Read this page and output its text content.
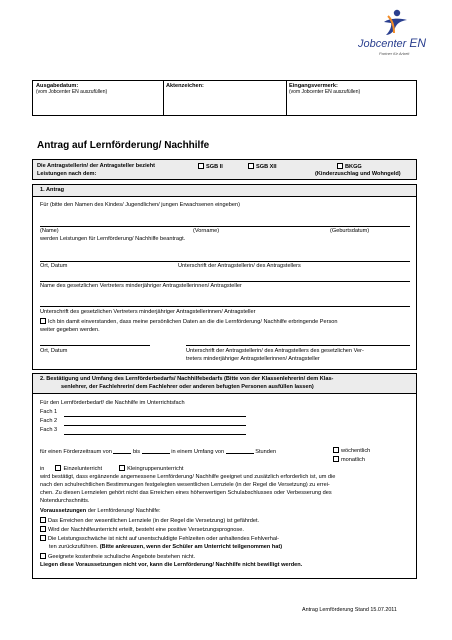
Jobcenter EN
Partner für Arbeit
Ausgabedatum:
(vom Jobcenter EN auszufüllen)
Aktenzeichen:	Eingangsvermerk:
(vom Jobcenter EN auszufüllen)
Antrag auf Lernförderung/ Nachhilfe
Die Antragstellerin/ der Antragsteller bezieht
Leistungen nach dem:
SGB II	SGB XII	BKGG
(Kinderzuschlag und Wohngeld)
1. Antrag
Für (bitte den Namen des Kindes/ Jugendlichen/ jungen Erwachsenen eingeben)
(Name)	(Vorname)	(Geburtsdatum)
werden Leistungen für Lernförderung/ Nachhilfe beantragt.
Ort, Datum	Unterschrift der Antragstellerin/ des Antragstellers
Name des gesetzlichen Vertreters minderjähriger Antragstellerinnen/ Antragsteller
Unterschrift des gesetzlichen Vertreters minderjähriger Antragstellerinnen/ Antragsteller
Ich bin damit einverstanden, dass meine persönlichen Daten an die die Lernförderung/ Nachhilfe erbringende Person
weiter gegeben werden.
Ort, Datum	Unterschrift der Antragstellerin/ des Antragstellers des gesetzlichen Ver-
treters minderjähriger Antragstellerinnen/ Antragsteller
2. Bestätigung und Umfang des Lernförderbedarfs/ Nachhilfebedarfs (Bitte von der Klassenlehrerin/ dem Klas-
senlehrer, der Fachlehrerin/ dem Fachlehrer oder anderen befugten Personen ausfüllen lassen)
Für den Lernförderbedarf/ die Nachhilfe im Unterrichtsfach
Fach 1
Fach 2
Fach 3
für einen Förderzeitraum von	bis	in einem Umfang von	Stunden	wöchentlich
monatlich
in	Einzelunterricht	Kleingruppenunterricht
wird bestätigt, dass ergänzende angemessene Lernförderung/ Nachhilfe geeignet und zusätzlich erforderlich ist, um die
nach den schulrechtlichen Bestimmungen festgelegten wesentlichen Lernziele (in der Regel die Versetzung) zu errei-
chen. Zu diesen Lernzielen gehört nicht das Erreichen eines höherwertigen Schulabschlusses oder Verbesserung des
Notendurchschnitts.
Voraussetzungen der Lernförderung/ Nachhilfe:
Das Erreichen der wesentlichen Lernziele (in der Regel die Versetzung) ist gefährdet.
Wird der Nachhilfeunterricht erteilt, besteht eine positive Versetzungsprognose.
Die Leistungsschwäche ist nicht auf unentschuldigte Fehlzeiten oder anhaltendes Fehlverhal-
ten zurückzuführen. (Bitte ankreuzen, wenn der Schüler am Unterricht teilgenommen hat)
Geeignete kostenfreie schulische Angebote bestehen nicht.
Liegen diese Voraussetzungen nicht vor, kann die Lernförderung/ Nachhilfe nicht bewilligt werden.
Antrag Lernförderung Stand 15.07.2011
